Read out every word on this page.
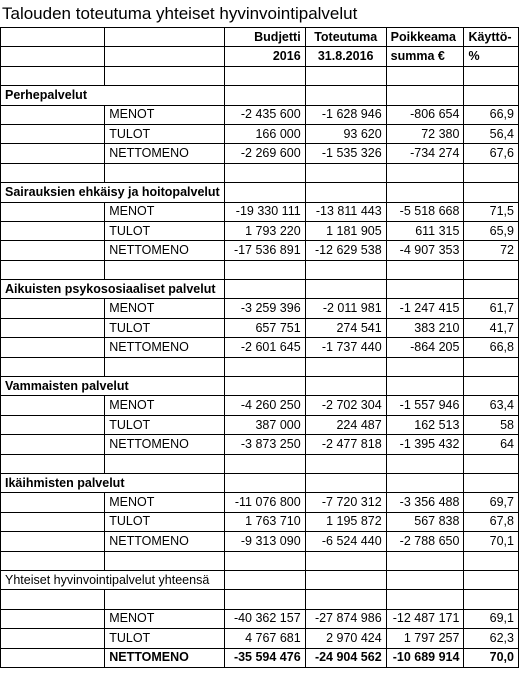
Talouden toteutuma yhteiset hyvinvointipalvelut
		Budjetti	Toteutuma	Poikkeama	Käyttö-
		2016	31.8.2016	summa €	%

Perhepalvelut					
	MENOT	-2 435 600	-1 628 946	-806 654	66,9
	TULOT	166 000	93 620	72 380	56,4
	NETTOMENO	-2 269 600	-1 535 326	-734 274	67,6

Sairauksien ehkäisy ja hoitopalvelut					
	MENOT	-19 330 111	-13 811 443	-5 518 668	71,5
	TULOT	1 793 220	1 181 905	611 315	65,9
	NETTOMENO	-17 536 891	-12 629 538	-4 907 353	72

Aikuisten psykososiaaliset palvelut					
	MENOT	-3 259 396	-2 011 981	-1 247 415	61,7
	TULOT	657 751	274 541	383 210	41,7
	NETTOMENO	-2 601 645	-1 737 440	-864 205	66,8

Vammaisten palvelut					
	MENOT	-4 260 250	-2 702 304	-1 557 946	63,4
	TULOT	387 000	224 487	162 513	58
	NETTOMENO	-3 873 250	-2 477 818	-1 395 432	64

Ikäihmisten palvelut					
	MENOT	-11 076 800	-7 720 312	-3 356 488	69,7
	TULOT	1 763 710	1 195 872	567 838	67,8
	NETTOMENO	-9 313 090	-6 524 440	-2 788 650	70,1

Yhteiset hyvinvointipalvelut yhteensä					

	MENOT	-40 362 157	-27 874 986	-12 487 171	69,1
	TULOT	4 767 681	2 970 424	1 797 257	62,3
	NETTOMENO	-35 594 476	-24 904 562	-10 689 914	70,0
